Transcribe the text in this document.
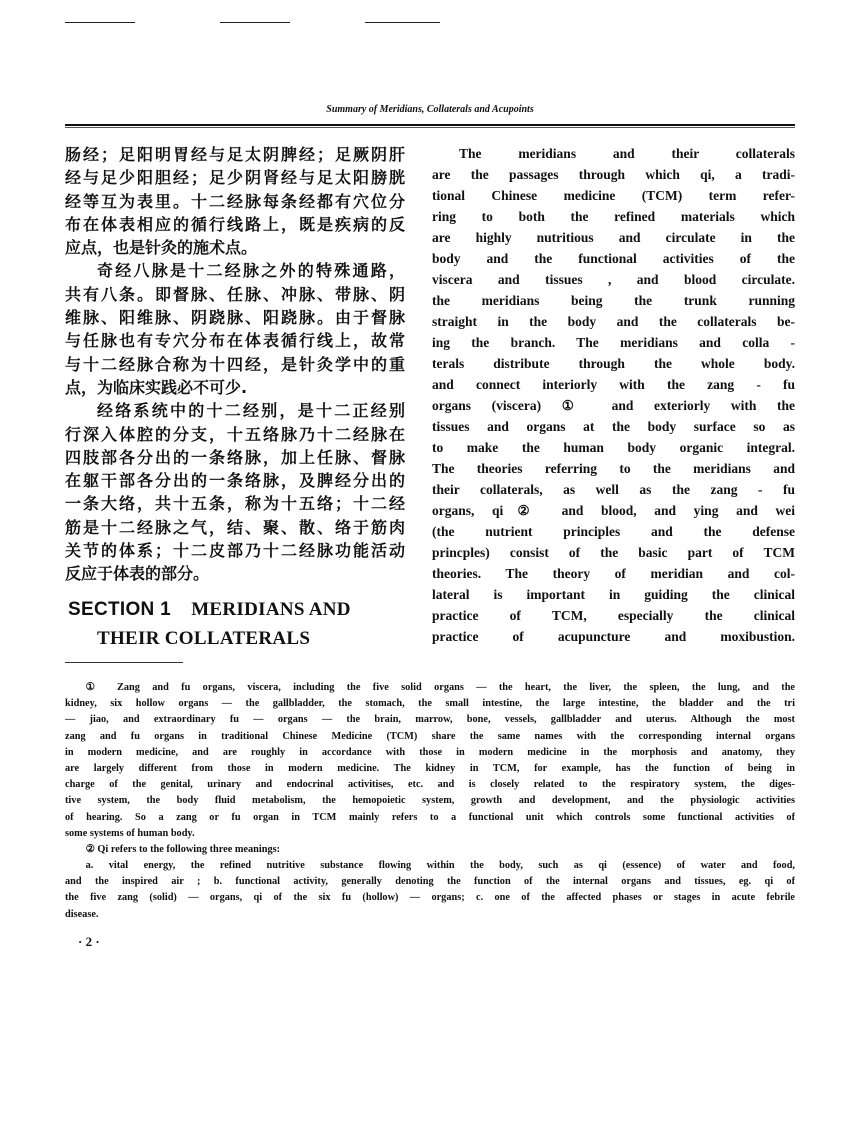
Summary of Meridians, Collaterals and Acupoints
肠经；足阳明胃经与足太阴脾经；足厥阴肝
经与足少阳胆经；足少阴肾经与足太阳膀胱
经等互为表里。十二经脉每条经都有穴位分
布在体表相应的循行线路上，既是疾病的反
应点，也是针灸的施术点。
奇经八脉是十二经脉之外的特殊通路，
共有八条。即督脉、任脉、冲脉、带脉、阴
维脉、阳维脉、阴跷脉、阳跷脉。由于督脉
与任脉也有专穴分布在体表循行线上，故常
与十二经脉合称为十四经，是针灸学中的重
点，为临床实践必不可少.
经络系统中的十二经别，是十二正经别
行深入体腔的分支，十五络脉乃十二经脉在
四肢部各分出的一条络脉，加上任脉、督脉
在躯干部各分出的一条络脉，及脾经分出的
一条大络，共十五条，称为十五络；十二经
筋是十二经脉之气，结、聚、散、络于筋肉
关节的体系；十二皮部乃十二经脉功能活动
反应于体表的部分。
The meridians and their collaterals
are the passages through which qi, a tradi-
tional Chinese medicine (TCM) term refer-
ring to both the refined materials which
are highly nutritious and circulate in the
body and the functional activities of the
viscera and tissues , and blood circulate.
the meridians being the trunk running
straight in the body and the collaterals be-
ing the branch. The meridians and colla -
terals distribute through the whole body.
and connect interiorly with the zang - fu
organs (viscera) ① and exteriorly with the
tissues and organs at the body surface so as
to make the human body organic integral.
The theories referring to the meridians and
their collaterals, as well as the zang - fu
organs, qi② and blood, and ying and wei
(the nutrient principles and the defense
princples) consist of the basic part of TCM
theories. The theory of meridian and col-
lateral is important in guiding the clinical
practice of TCM, especially the clinical
practice of acupuncture and moxibustion.
SECTION 1 MERIDIANS AND
THEIR COLLATERALS
① Zang and fu organs, viscera, including the five solid organs — the heart, the liver, the spleen, the lung, and the
kidney, six hollow organs — the gallbladder, the stomach, the small intestine, the large intestine, the bladder and the tri
— jiao, and extraordinary fu — organs — the brain, marrow, bone, vessels, gallbladder and uterus. Although the most
zang and fu organs in traditional Chinese Medicine (TCM) share the same names with the corresponding internal organs
in modern medicine, and are roughly in accordance with those in modern medicine in the morphosis and anatomy, they
are largely different from those in modern medicine. The kidney in TCM, for example, has the function of being in
charge of the genital, urinary and endocrinal activitises, etc. and is closely related to the respiratory system, the diges-
tive system, the body fluid metabolism, the hemopoietic system, growth and development, and the physiologic activities
of hearing. So a zang or fu organ in TCM mainly refers to a functional unit which controls some functional activities of
some systems of human body.
② Qi refers to the following three meanings:
a. vital energy, the refined nutritive substance flowing within the body, such as qi (essence) of water and food,
and the inspired air ; b. functional activity, generally denoting the function of the internal organs and tissues, eg. qi of
the five zang (solid) — organs, qi of the six fu (hollow) — organs; c. one of the affected phases or stages in acute febrile
disease.
· 2 ·
